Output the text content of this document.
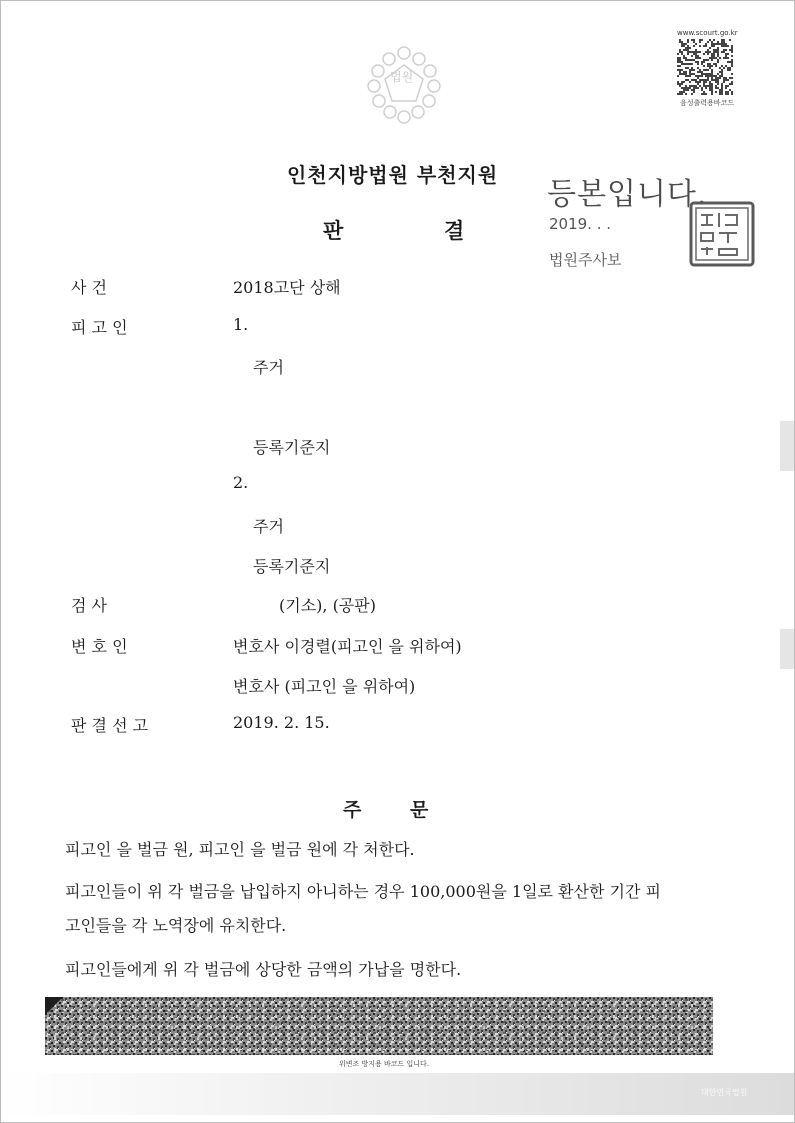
법원
www.scourt.go.kr
음성출력용바코드
인천지방법원 부천지원
판	결
등본입니다.
2019. . .
법원주사보
사 건	2018고단 상해
피 고 인	1.
주거
등록기준지
2.
주거
등록기준지
검 사	(기소), (공판)
변 호 인	변호사 이경렬(피고인 을 위하여)
변호사 (피고인 을 위하여)
판 결 선 고	2019. 2. 15.
주	문
피고인 을 벌금 원, 피고인 을 벌금 원에 각 처한다.
피고인들이 위 각 벌금을 납입하지 아니하는 경우 100,000원을 1일로 환산한 기간 피
고인들을 각 노역장에 유치한다.
피고인들에게 위 각 벌금에 상당한 금액의 가납을 명한다.
위변조 방지용 바코드 입니다.
대한민국법원
